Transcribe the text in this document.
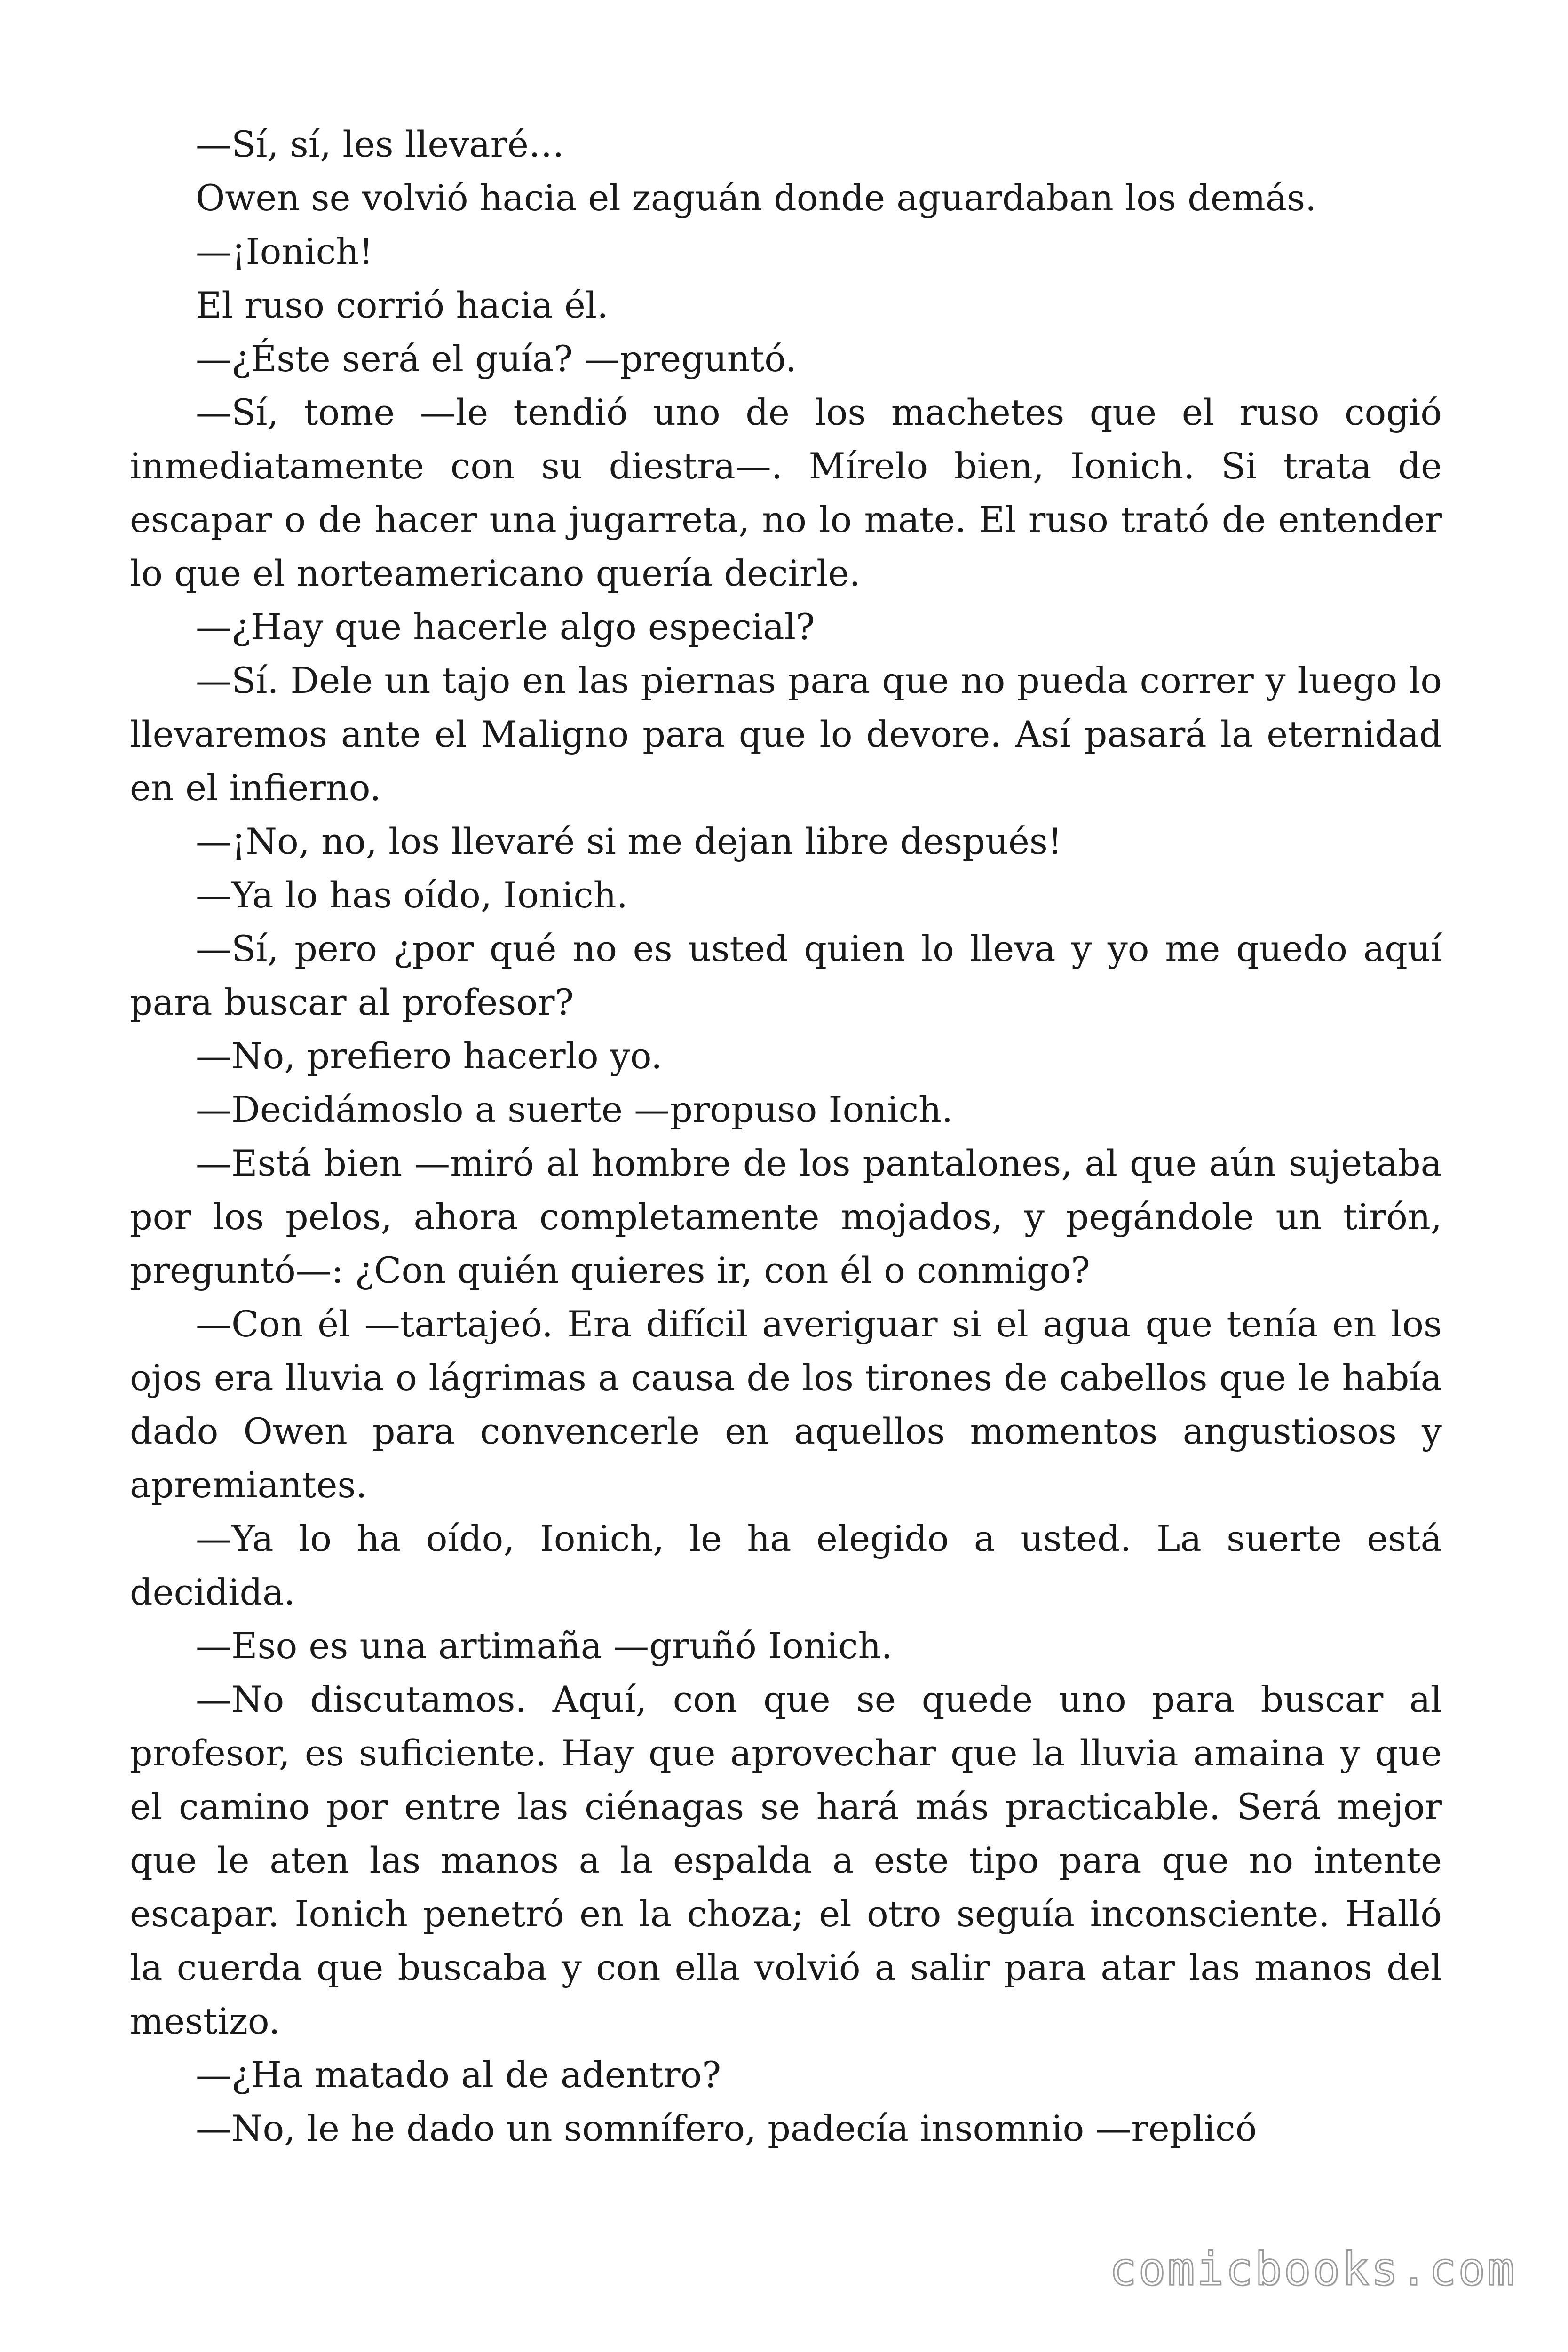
—Sí, sí, les llevaré…

Owen se volvió hacia el zaguán donde aguardaban los demás.

—¡Ionich!

El ruso corrió hacia él.

—¿Éste será el guía? —preguntó.

—Sí, tome —le tendió uno de los machetes que el ruso cogió inmediatamente con su diestra—. Mírelo bien, Ionich. Si trata de escapar o de hacer una jugarreta, no lo mate. El ruso trató de entender lo que el norteamericano quería decirle.

—¿Hay que hacerle algo especial?

—Sí. Dele un tajo en las piernas para que no pueda correr y luego lo llevaremos ante el Maligno para que lo devore. Así pasará la eternidad en el infierno.

—¡No, no, los llevaré si me dejan libre después!

—Ya lo has oído, Ionich.

—Sí, pero ¿por qué no es usted quien lo lleva y yo me quedo aquí para buscar al profesor?

—No, prefiero hacerlo yo.

—Decidámoslo a suerte —propuso Ionich.

—Está bien —miró al hombre de los pantalones, al que aún sujetaba por los pelos, ahora completamente mojados, y pegándole un tirón, preguntó—: ¿Con quién quieres ir, con él o conmigo?

—Con él —tartajeó. Era difícil averiguar si el agua que tenía en los ojos era lluvia o lágrimas a causa de los tirones de cabellos que le había dado Owen para convencerle en aquellos momentos angustiosos y apremiantes.

—Ya lo ha oído, Ionich, le ha elegido a usted. La suerte está decidida.

—Eso es una artimaña —gruñó Ionich.

—No discutamos. Aquí, con que se quede uno para buscar al profesor, es suficiente. Hay que aprovechar que la lluvia amaina y que el camino por entre las ciénagas se hará más practicable. Será mejor que le aten las manos a la espalda a este tipo para que no intente escapar. Ionich penetró en la choza; el otro seguía inconsciente. Halló la cuerda que buscaba y con ella volvió a salir para atar las manos del mestizo.

—¿Ha matado al de adentro?

—No, le he dado un somnífero, padecía insomnio —replicó

comicbooks.com
